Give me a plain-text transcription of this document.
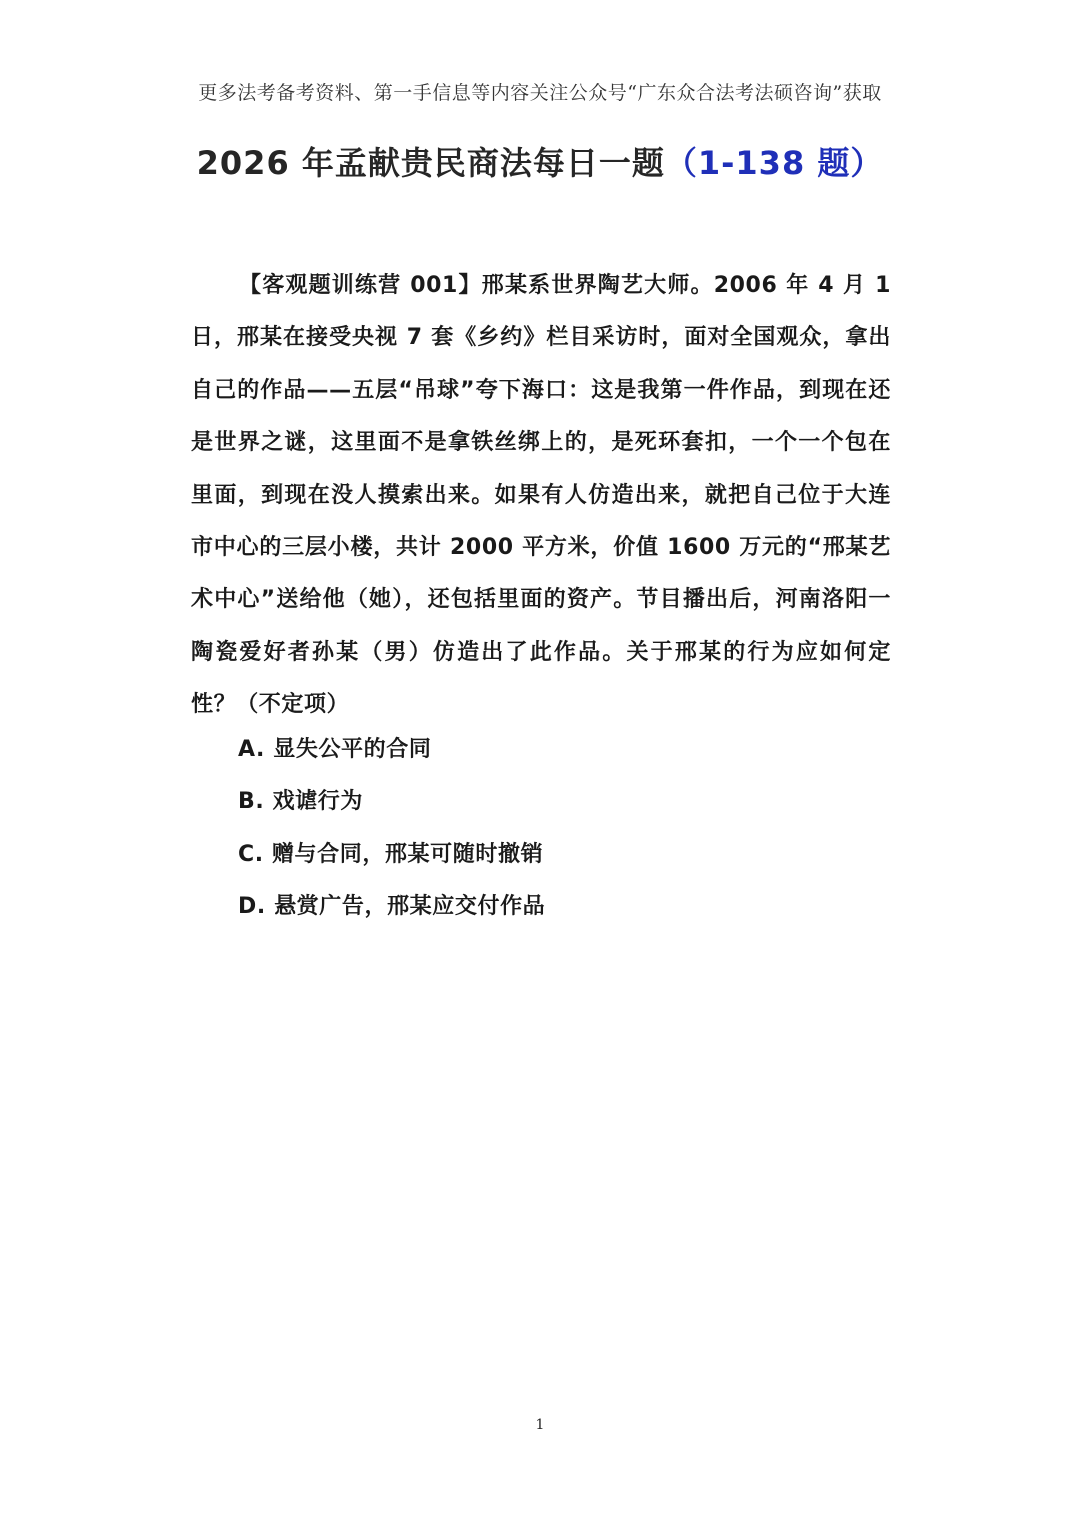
更多法考备考资料、第一手信息等内容关注公众号“广东众合法考法硕咨询”获取
2026 年孟献贵民商法每日一题（1-138 题）
【客观题训练营 001】邢某系世界陶艺大师。2006 年 4 月 1 日，邢某在接受央视 7 套《乡约》栏目采访时，面对全国观众，拿出自己的作品——五层“吊球”夸下海口：这是我第一件作品，到现在还是世界之谜，这里面不是拿铁丝绑上的，是死环套扣，一个一个包在里面，到现在没人摸索出来。如果有人仿造出来，就把自己位于大连市中心的三层小楼，共计 2000 平方米，价值 1600 万元的“邢某艺术中心”送给他（她），还包括里面的资产。节目播出后，河南洛阳一陶瓷爱好者孙某（男）仿造出了此作品。关于邢某的行为应如何定性？（不定项）
A. 显失公平的合同
B. 戏谑行为
C. 赠与合同，邢某可随时撤销
D. 悬赏广告，邢某应交付作品
1
